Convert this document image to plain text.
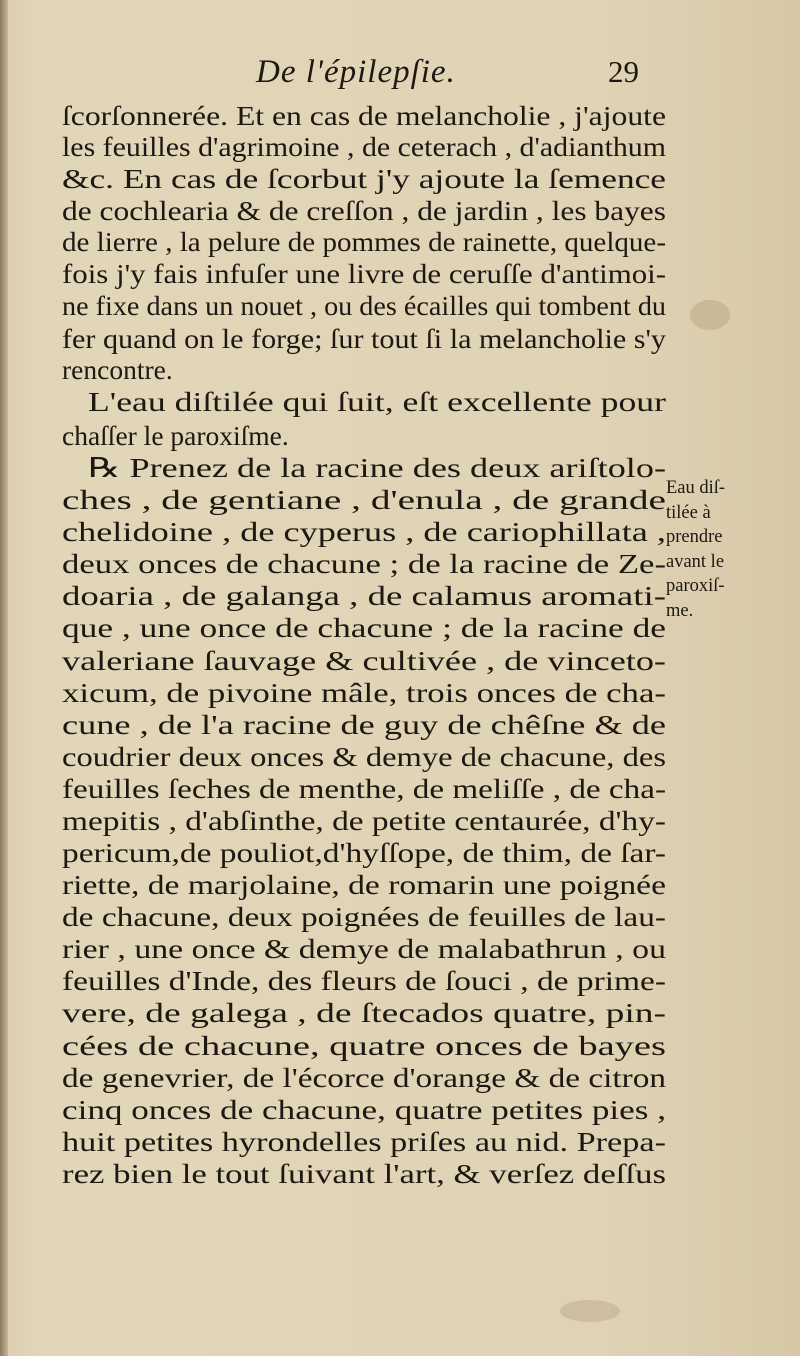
De l'épilepſie.	29
ſcorſonnerée. Et en cas de melancholie , j'ajoute
les feuilles d'agrimoine , de ceterach , d'adianthum
&c. En cas de ſcorbut j'y ajoute la ſemence
de cochlearia & de creſſon , de jardin , les bayes
de lierre , la pelure de pommes de rainette, quelque-
fois j'y fais infuſer une livre de ceruſſe d'antimoi-
ne fixe dans un nouet , ou des écailles qui tombent du
fer quand on le forge; ſur tout ſi la melancholie s'y
rencontre.
L'eau diſtilée qui ſuit, eſt excellente pour
chaſſer le paroxiſme.
℞ Prenez de la racine des deux ariſtolo-
ches , de gentiane , d'enula , de grande
chelidoine , de cyperus , de cariophillata ,
deux onces de chacune ; de la racine de Ze-
doaria , de galanga , de calamus aromati-
que , une once de chacune ; de la racine de
valeriane ſauvage & cultivée , de vinceto-
xicum, de pivoine mâle, trois onces de cha-
cune , de l'a racine de guy de chêſne & de
coudrier deux onces & demye de chacune, des
feuilles ſeches de menthe, de meliſſe , de cha-
mepitis , d'abſinthe, de petite centaurée, d'hy-
pericum,de pouliot,d'hyſſope, de thim, de ſar-
riette, de marjolaine, de romarin une poignée
de chacune, deux poignées de feuilles de lau-
rier , une once & demye de malabathrun , ou
feuilles d'Inde, des fleurs de ſouci , de prime-
vere, de galega , de ſtecados quatre, pin-
cées de chacune, quatre onces de bayes
de genevrier, de l'écorce d'orange & de citron
cinq onces de chacune, quatre petites pies ,
huit petites hyrondelles priſes au nid. Prepa-
rez bien le tout ſuivant l'art, & verſez deſſus
Eau diſ-
tilée à
prendre
avant le
paroxiſ-
me.
